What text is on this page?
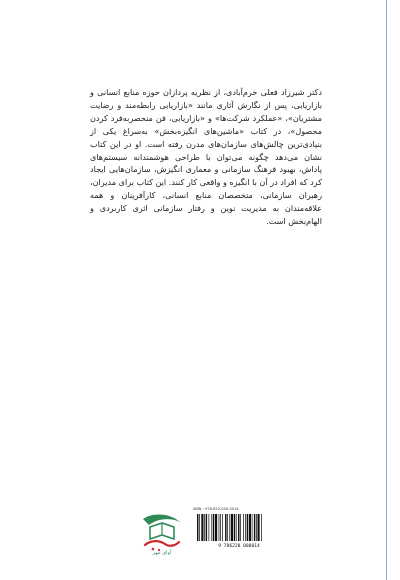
دکتر شیرزاد فعلی خرم‌آبادی، از نظریه پردازان حوزه منابع انسانی و بازاریابی، پس از نگارش آثاری مانند «بازاریابی رابطه‌مند و رضایت مشتریان»، «عملکرد شرکت‌ها» و «بازاریابی، فن منحصربه‌فرد کردن محصول»، در کتاب «ماشین‌های انگیزه‌بخش» به‌سراغ یکی از بنیادی‌ترین چالش‌های سازمان‌های مدرن رفته است. او در این کتاب نشان می‌دهد چگونه می‌توان با طراحی هوشمندانه سیستم‌های پاداش، بهبود فرهنگ سازمانی و معماری انگیزش، سازمان‌هایی ایجاد کرد که افراد در آن با انگیزه و واقعی کار کنند. این کتاب برای مدیران، رهبران سازمانی، متخصصان منابع انسانی، کارآفرینان و همه علاقه‌مندان به مدیریت نوین و رفتار سازمانی اثری کاربردی و الهام‌بخش است.

آوای مهر
ISBN : 978-622-000-0014
9 786220 000014
